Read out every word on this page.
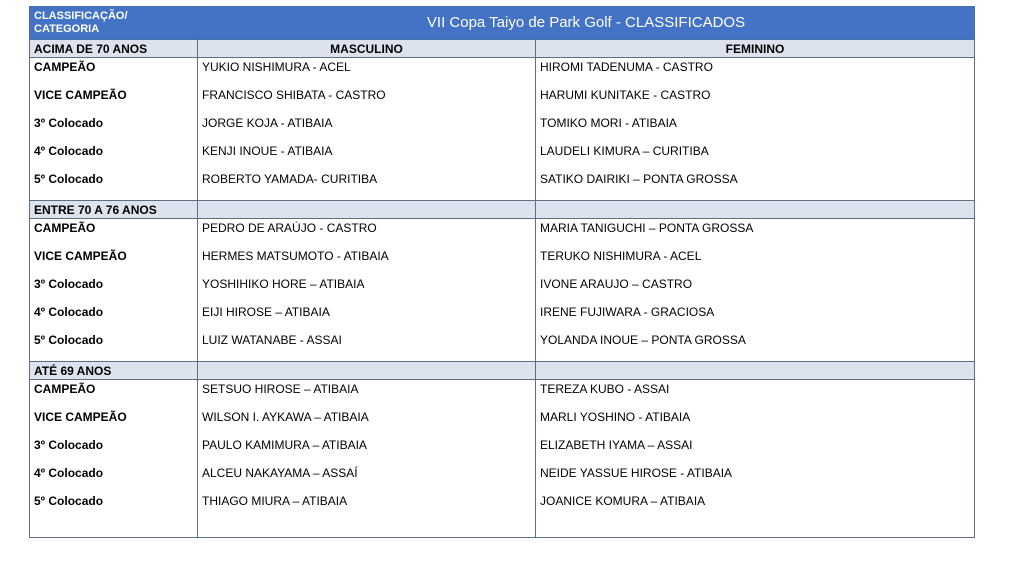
CLASSIFICAÇÃO/
CATEGORIA	VII Copa Taiyo de Park Golf - CLASSIFICADOS	
ACIMA DE 70 ANOS	MASCULINO	FEMININO
CAMPEÃO	YUKIO NISHIMURA - ACEL	HIROMI TADENUMA - CASTRO
VICE CAMPEÃO	FRANCISCO SHIBATA - CASTRO	HARUMI KUNITAKE - CASTRO
3º Colocado	JORGE KOJA - ATIBAIA	TOMIKO MORI - ATIBAIA
4º Colocado	KENJI INOUE - ATIBAIA	LAUDELI KIMURA – CURITIBA
5º Colocado	ROBERTO YAMADA- CURITIBA	SATIKO DAIRIKI – PONTA GROSSA

ENTRE 70 A 76 ANOS		
CAMPEÃO	PEDRO DE ARAÚJO - CASTRO	MARIA TANIGUCHI – PONTA GROSSA
VICE CAMPEÃO	HERMES MATSUMOTO - ATIBAIA	TERUKO NISHIMURA - ACEL
3º Colocado	YOSHIHIKO HORE – ATIBAIA	IVONE ARAUJO – CASTRO
4º Colocado	EIJI HIROSE – ATIBAIA	IRENE FUJIWARA - GRACIOSA
5º Colocado	LUIZ WATANABE - ASSAI	YOLANDA INOUE – PONTA GROSSA

ATÉ 69 ANOS		
CAMPEÃO	SETSUO HIROSE – ATIBAIA	TEREZA KUBO - ASSAI
VICE CAMPEÃO	WILSON I. AYKAWA – ATIBAIA	MARLI YOSHINO - ATIBAIA
3º Colocado	PAULO KAMIMURA – ATIBAIA	ELIZABETH IYAMA – ASSAI
4º Colocado	ALCEU NAKAYAMA – ASSAÍ	NEIDE YASSUE HIROSE - ATIBAIA
5º Colocado	THIAGO MIURA – ATIBAIA	JOANICE KOMURA – ATIBAIA
